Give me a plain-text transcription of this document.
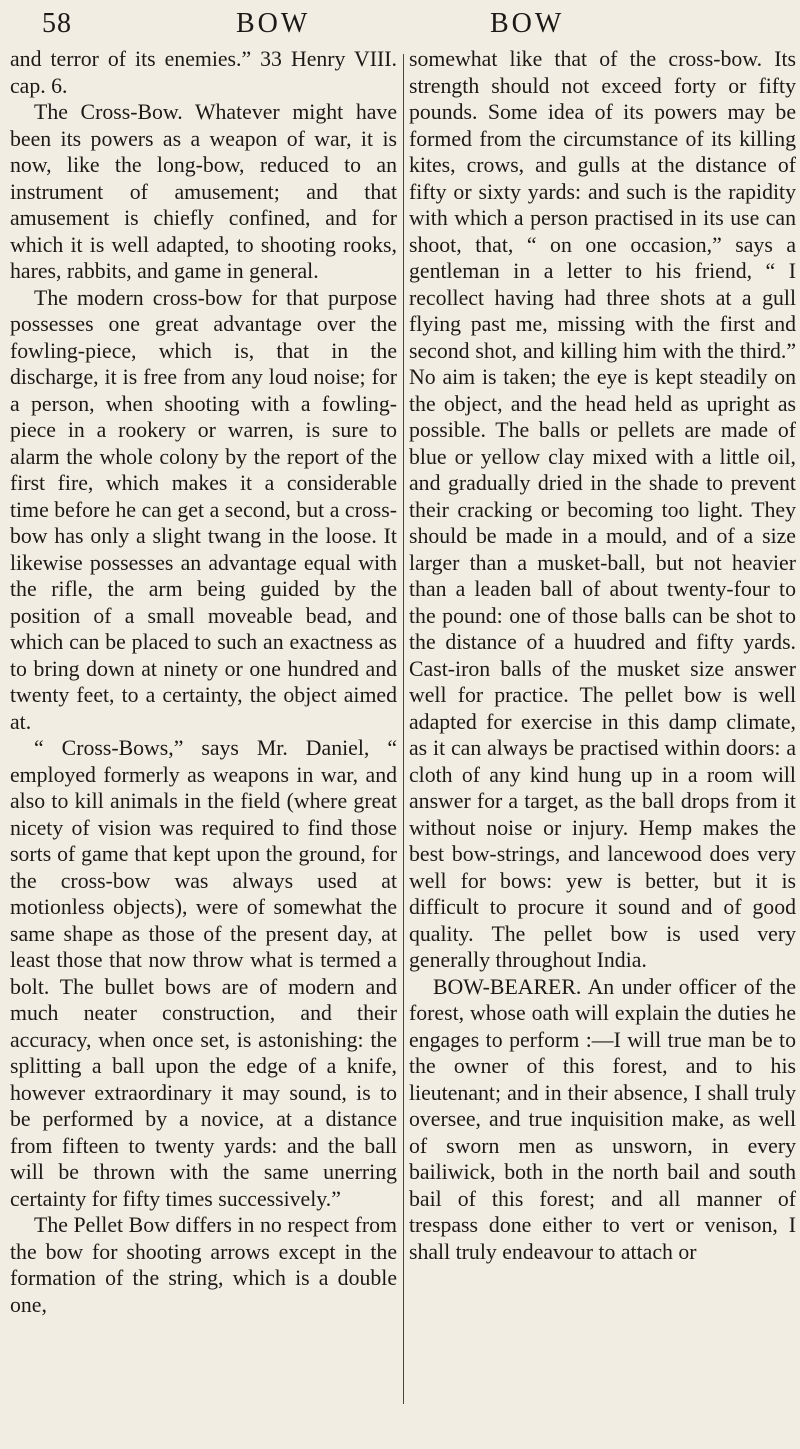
58	BOW	BOW

and terror of its enemies.” 33 Henry VIII. cap. 6.

The Cross-Bow. Whatever might have been its powers as a weapon of war, it is now, like the long-bow, reduced to an instrument of amusement; and that amusement is chiefly confined, and for which it is well adapted, to shooting rooks, hares, rabbits, and game in general.

The modern cross-bow for that purpose possesses one great advantage over the fowling-piece, which is, that in the discharge, it is free from any loud noise; for a person, when shooting with a fowling-piece in a rookery or warren, is sure to alarm the whole colony by the report of the first fire, which makes it a considerable time before he can get a second, but a cross-bow has only a slight twang in the loose. It likewise possesses an advantage equal with the rifle, the arm being guided by the position of a small moveable bead, and which can be placed to such an exactness as to bring down at ninety or one hundred and twenty feet, to a certainty, the object aimed at.

“ Cross-Bows,” says Mr. Daniel, “ employed formerly as weapons in war, and also to kill animals in the field (where great nicety of vision was required to find those sorts of game that kept upon the ground, for the cross-bow was always used at motionless objects), were of somewhat the same shape as those of the present day, at least those that now throw what is termed a bolt. The bullet bows are of modern and much neater construction, and their accuracy, when once set, is astonishing: the splitting a ball upon the edge of a knife, however extraordinary it may sound, is to be performed by a novice, at a distance from fifteen to twenty yards: and the ball will be thrown with the same unerring certainty for fifty times successively.”

The Pellet Bow differs in no respect from the bow for shooting arrows except in the formation of the string, which is a double one,

somewhat like that of the cross-bow. Its strength should not exceed forty or fifty pounds. Some idea of its powers may be formed from the circumstance of its killing kites, crows, and gulls at the distance of fifty or sixty yards: and such is the rapidity with which a person practised in its use can shoot, that, “ on one occasion,” says a gentleman in a letter to his friend, “ I recollect having had three shots at a gull flying past me, missing with the first and second shot, and killing him with the third.” No aim is taken; the eye is kept steadily on the object, and the head held as upright as possible. The balls or pellets are made of blue or yellow clay mixed with a little oil, and gradually dried in the shade to prevent their cracking or becoming too light. They should be made in a mould, and of a size larger than a musket-ball, but not heavier than a leaden ball of about twenty-four to the pound: one of those balls can be shot to the distance of a huudred and fifty yards. Cast-iron balls of the musket size answer well for practice. The pellet bow is well adapted for exercise in this damp climate, as it can always be practised within doors: a cloth of any kind hung up in a room will answer for a target, as the ball drops from it without noise or injury. Hemp makes the best bow-strings, and lancewood does very well for bows: yew is better, but it is difficult to procure it sound and of good quality. The pellet bow is used very generally throughout India.

BOW-BEARER. An under officer of the forest, whose oath will explain the duties he engages to perform :—I will true man be to the owner of this forest, and to his lieutenant; and in their absence, I shall truly oversee, and true inquisition make, as well of sworn men as unsworn, in every bailiwick, both in the north bail and south bail of this forest; and all manner of trespass done either to vert or venison, I shall truly endeavour to attach or
